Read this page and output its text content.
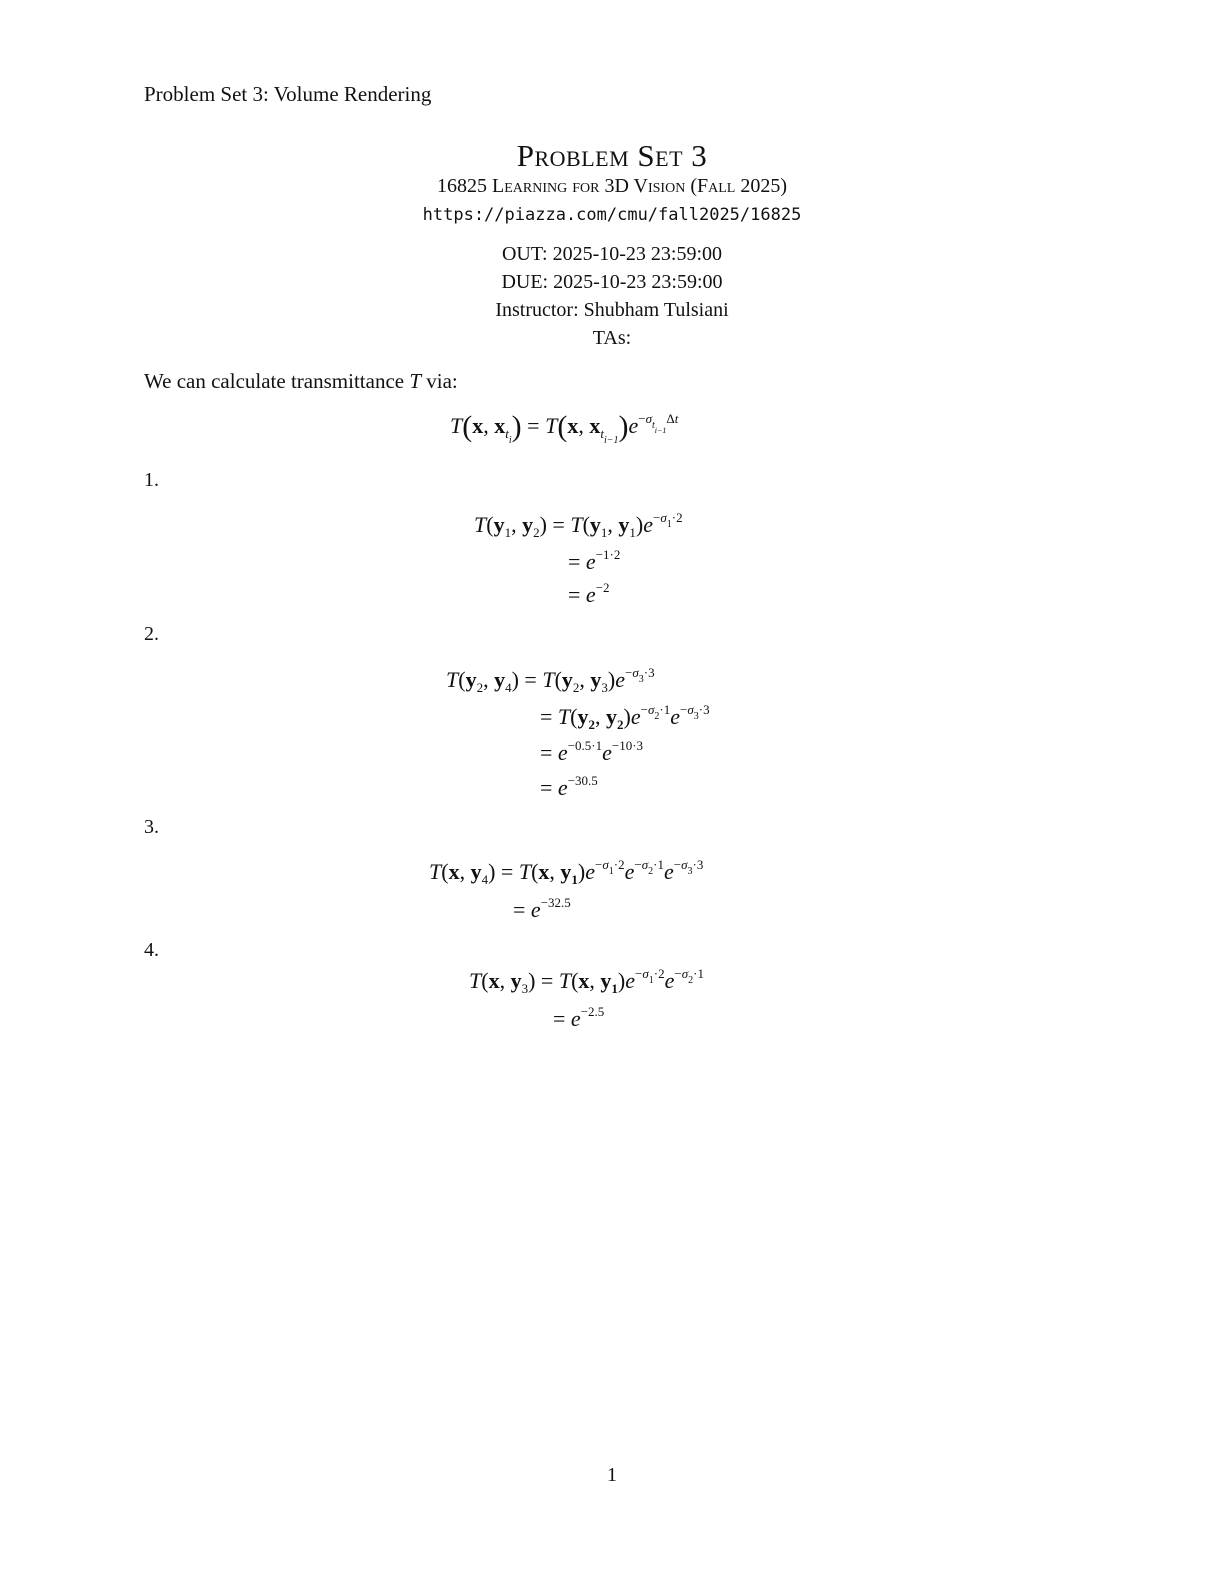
Problem Set 3: Volume Rendering
Problem Set 3
16825 Learning for 3D Vision (Fall 2025)
https://piazza.com/cmu/fall2025/16825
OUT: 2025-10-23 23:59:00
DUE: 2025-10-23 23:59:00
Instructor: Shubham Tulsiani
TAs:
We can calculate transmittance T via:
T(x, $x_{t_i}) = T(x$, $x_{t_{i-1}})e^{-\sigma_{t_{i-1}}\Delta t}$
1.
$T(y_1$, $y_2) = T(y_1$, $y_1)e^{-\sigma_1\cdot 2}$
= $e^{-1\cdot 2}$
= $e^{-2}$
2.
$T(y_2$, $y_4) = T(y_2$, $y_3)e^{-\sigma_3\cdot 3}$
= $T(y_2$, $y_2)e^{-\sigma_2\cdot 1}e^{-\sigma_3\cdot 3}$
= $e^{-0.5\cdot 1}e^{-10\cdot 3}$
= $e^{-30.5}$
3.
T(x, $y_4) = T(x$, $y_1)e^{-\sigma_1\cdot 2}e^{-\sigma_2\cdot 1}e^{-\sigma_3\cdot 3}$
= $e^{-32.5}$
4.
T(x, $y_3) = T(x$, $y_1)e^{-\sigma_1\cdot 2}e^{-\sigma_2\cdot 1}$
= $e^{-2.5}$
1
